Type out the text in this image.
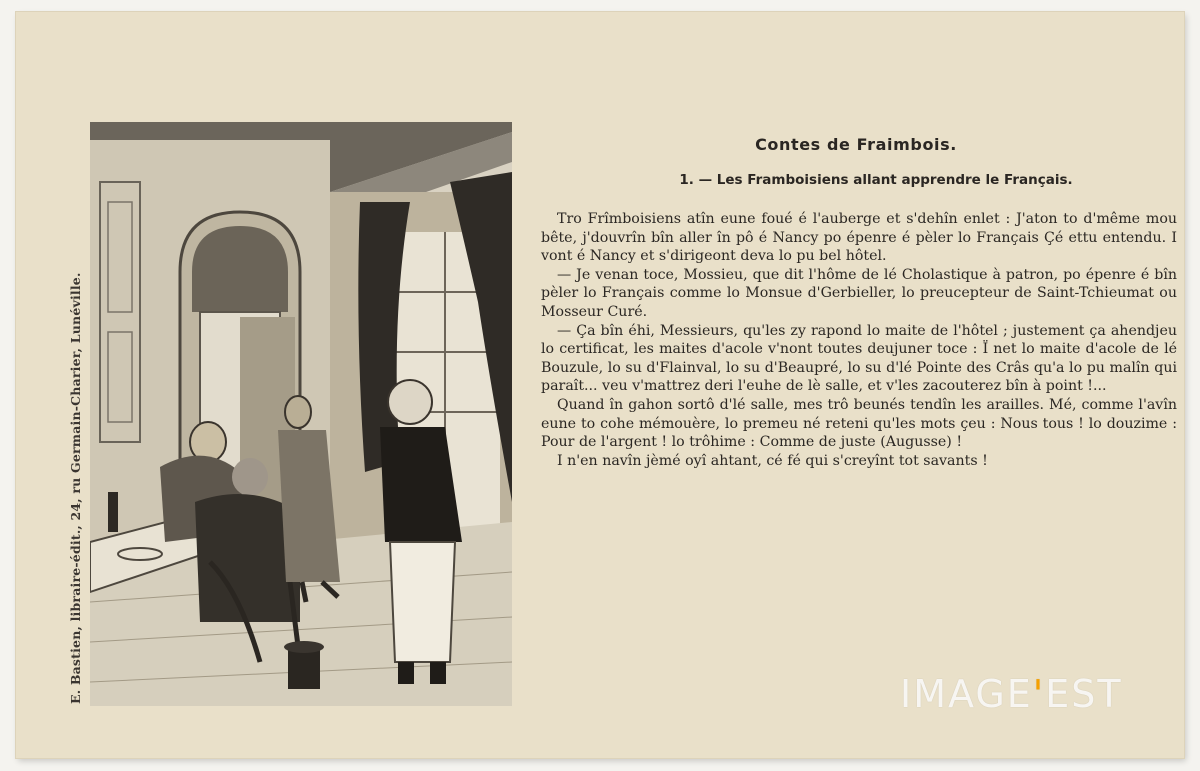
E. Bastien, libraire-édit., 24, ru Germain-Charier, Lunéville.
Contes de Fraimbois.
1. — Les Framboisiens allant apprendre le Français.

Tro Frîmboisiens atîn eune foué é l'auberge et s'dehîn enlet : J'aton to d'même mou bête, j'douvrîn bîn aller în pô é Nancy po épenre é pèler lo Français Çé ettu entendu. I vont é Nancy et s'dirigeont deva lo pu bel hôtel.

— Je venan toce, Mossieu, que dit l'hôme de lé Cholastique à patron, po épenre é bîn pèler lo Français comme lo Monsue d'Gerbieller, lo preucepteur de Saint-Tchieumat ou Mosseur Curé.

— Ça bîn éhi, Messieurs, qu'les zy rapond lo maite de l'hôtel ; justement ça ahendjeu lo certificat, les maites d'acole v'nont toutes deujuner toce : Ï net lo maite d'acole de lé Bouzule, lo su d'Flainval, lo su d'Beaupré, lo su d'lé Pointe des Crâs qu'a lo pu malîn qui paraît... veu v'mattrez deri l'euhe de lè salle, et v'les zacouterez bîn à point !...

Quand în gahon sortô d'lé salle, mes trô beunés tendîn les arailles. Mé, comme l'avîn eune to cohe mémouère, lo premeu né reteni qu'les mots çeu : Nous tous ! lo douzime : Pour de l'argent ! lo trôhime : Comme de juste (Augusse) !

I n'en navîn jèmé oyî ahtant, cé fé qui s'creyînt tot savants !

IMAGE'EST
